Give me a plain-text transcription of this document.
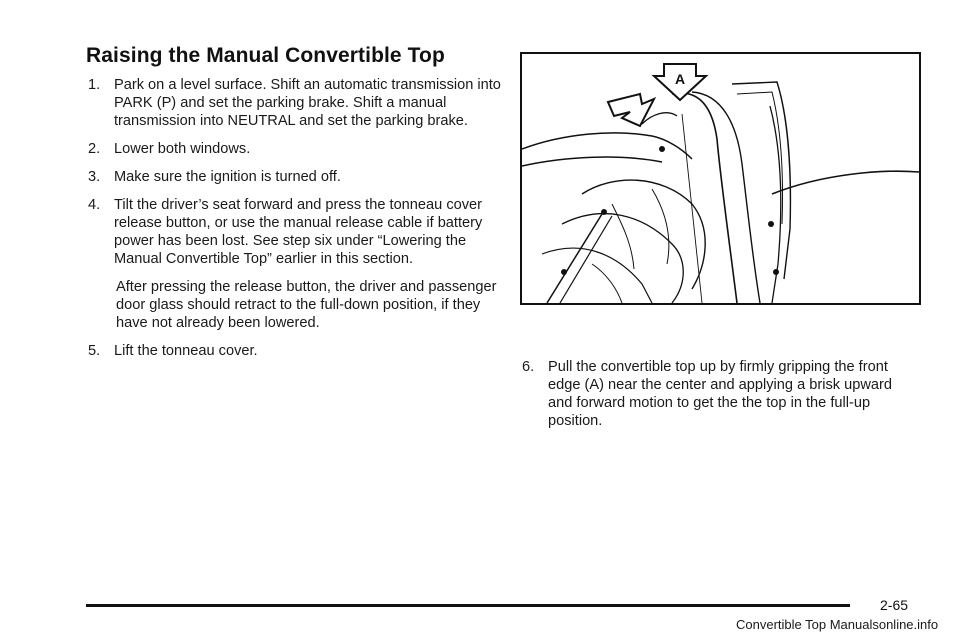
Raising the Manual Convertible Top
1. Park on a level surface. Shift an automatic transmission into PARK (P) and set the parking brake. Shift a manual transmission into NEUTRAL and set the parking brake.
2. Lower both windows.
3. Make sure the ignition is turned off.
4. Tilt the driver’s seat forward and press the tonneau cover release button, or use the manual release cable if battery power has been lost. See step six under “Lowering the Manual Convertible Top” earlier in this section.
After pressing the release button, the driver and passenger door glass should retract to the full-down position, if they have not already been lowered.
5. Lift the tonneau cover.
A
6. Pull the convertible top up by firmly gripping the front edge (A) near the center and applying a brisk upward and forward motion to get the the top in the full-up position.
2-65
Convertible Top Manualsonline.info
